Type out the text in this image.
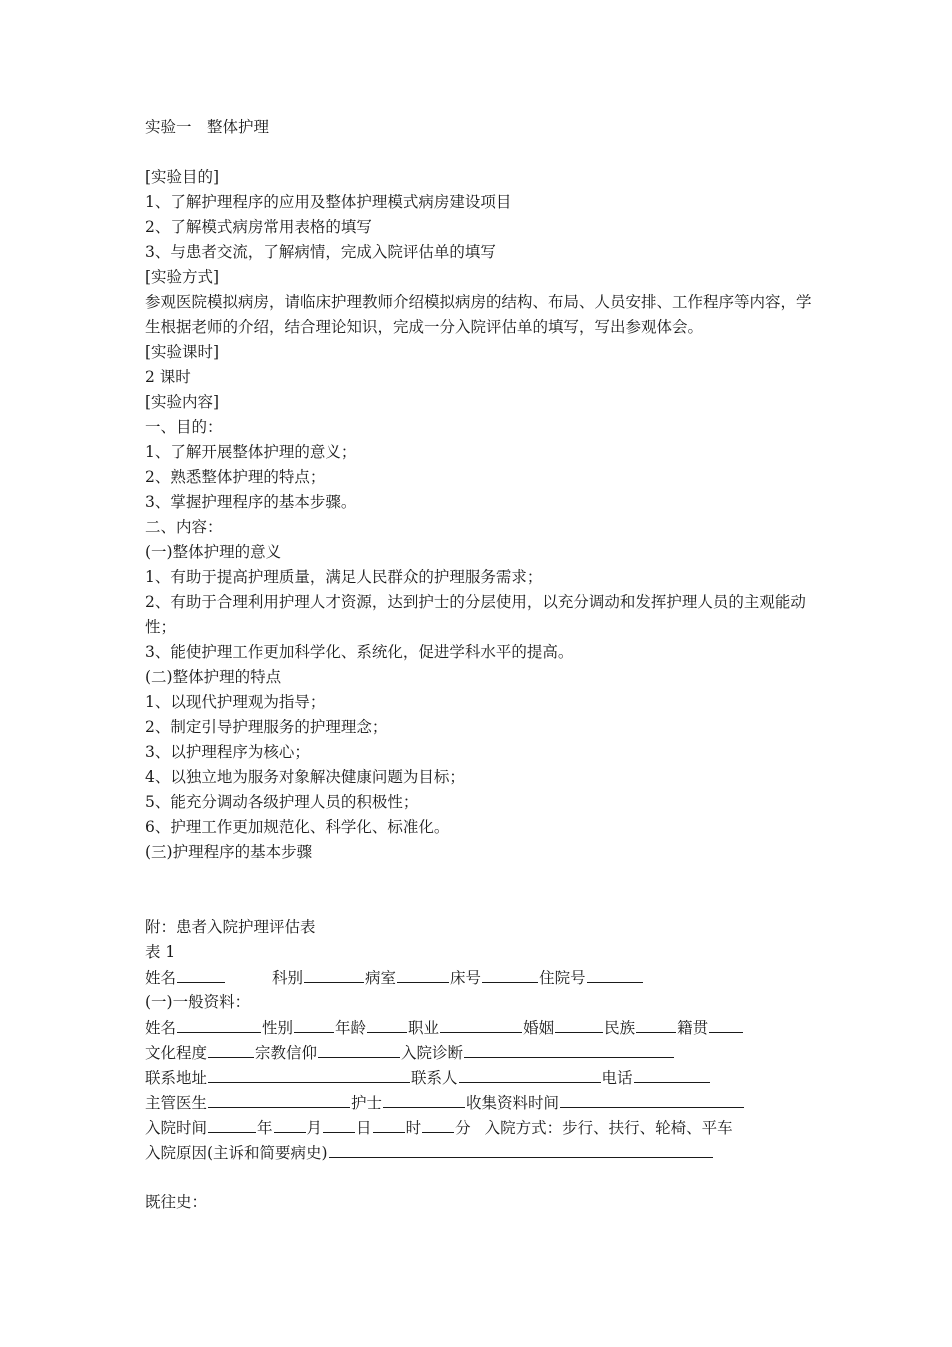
实验一　整体护理
[实验目的]
1、了解护理程序的应用及整体护理模式病房建设项目
2、了解模式病房常用表格的填写
3、与患者交流，了解病情，完成入院评估单的填写
[实验方式]
参观医院模拟病房，请临床护理教师介绍模拟病房的结构、布局、人员安排、工作程序等内容，学生根据老师的介绍，结合理论知识，完成一分入院评估单的填写，写出参观体会。
[实验课时]
2 课时
[实验内容]
一、目的：
1、了解开展整体护理的意义；
2、熟悉整体护理的特点；
3、掌握护理程序的基本步骤。
二、内容：
(一)整体护理的意义
1、有助于提高护理质量，满足人民群众的护理服务需求；
2、有助于合理利用护理人才资源，达到护士的分层使用，以充分调动和发挥护理人员的主观能动性；
3、能使护理工作更加科学化、系统化，促进学科水平的提高。
(二)整体护理的特点
1、以现代护理观为指导；
2、制定引导护理服务的护理理念；
3、以护理程序为核心；
4、以独立地为服务对象解决健康问题为目标；
5、能充分调动各级护理人员的积极性；
6、护理工作更加规范化、科学化、标准化。
(三)护理程序的基本步骤
附：患者入院护理评估表
表 1
姓名	科别	病室	床号	住院号
(一)一般资料：
姓名	性别	年龄	职业	婚姻	民族	籍贯
文化程度	宗教信仰	入院诊断
联系地址	联系人	电话
主管医生	护士	收集资料时间
入院时间	年 月 日 时 分 入院方式：步行、扶行、轮椅、平车
入院原因(主诉和简要病史)
既往史：
